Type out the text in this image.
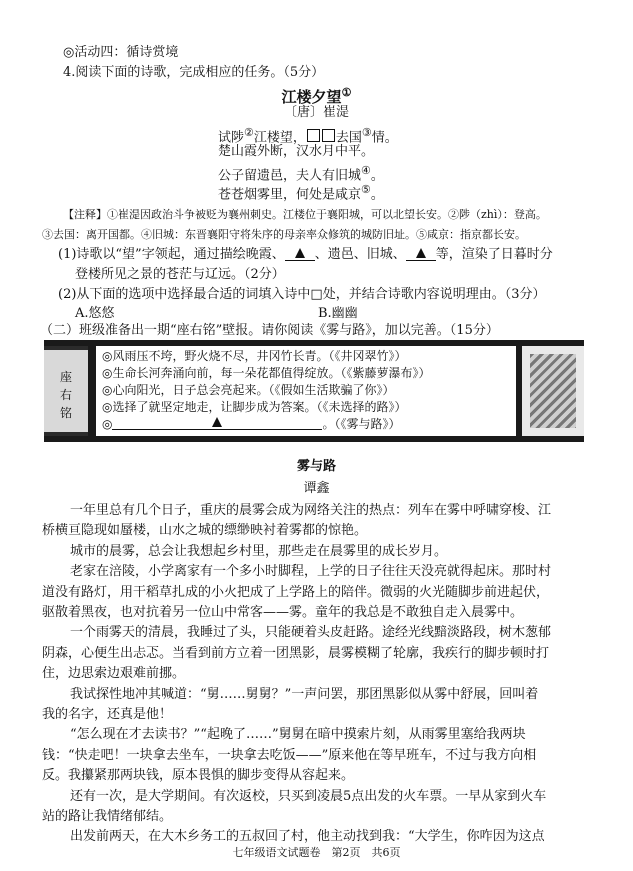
◎活动四：循诗赏境
4.阅读下面的诗歌，完成相应的任务。（5分）
江楼夕望①
〔唐〕崔湜
试陟②江楼望， 去国③情。
楚山霞外断，汉水月中平。
公子留遗邑，夫人有旧城④。
苍苍烟雾里，何处是咸京⑤。
【注释】①崔湜因政治斗争被贬为襄州刺史。江楼位于襄阳城，可以北望长安。②陟（zhì）：登高。
③去国：离开国都。④旧城：东晋襄阳守将朱序的母亲率众修筑的城防旧址。⑤咸京：指京都长安。
(1)诗歌以“望”字领起，通过描绘晚霞、 、遗邑、旧城、 等，渲染了日暮时分
登楼所见之景的苍茫与辽远。（2分）
(2)从下面的选项中选择最合适的词填入诗中□处，并结合诗歌内容说明理由。（3分）
A.悠悠	B.幽幽
（二）班级准备出一期“座右铭”壁报。请你阅读《雾与路》，加以完善。（15分）
座右铭
◎风雨压不垮，野火烧不尽，井冈竹长青。（《井冈翠竹》）
◎生命长河奔涌向前，每一朵花都值得绽放。（《紫藤萝瀑布》）
◎心向阳光，日子总会亮起来。（《假如生活欺骗了你》）
◎选择了就坚定地走，让脚步成为答案。（《未选择的路》）
◎	。（《雾与路》）
雾与路
谭鑫
一年里总有几个日子，重庆的晨雾会成为网络关注的热点：列车在雾中呼啸穿梭、江
桥横亘隐现如蜃楼，山水之城的缥缈映衬着雾都的惊艳。
城市的晨雾，总会让我想起乡村里，那些走在晨雾里的成长岁月。
老家在涪陵，小学离家有一个多小时脚程，上学的日子往往天没亮就得起床。那时村
道没有路灯，用干稻草扎成的小火把成了上学路上的陪伴。微弱的火光随脚步前进起伏，
驱散着黑夜，也对抗着另一位山中常客——雾。童年的我总是不敢独自走入晨雾中。
一个雨雾天的清晨，我睡过了头，只能硬着头皮赶路。途经光线黯淡路段，树木葱郁
阴森，心便生出忐忑。当看到前方立着一团黑影，晨雾模糊了轮廓，我疾行的脚步顿时打
住，边思索边艰难前挪。
我试探性地冲其喊道：“舅……舅舅？”一声问罢，那团黑影似从雾中舒展，回叫着
我的名字，还真是他！
“怎么现在才去读书？”“起晚了……”舅舅在暗中摸索片刻，从雨雾里塞给我两块
钱：“快走吧！一块拿去坐车，一块拿去吃饭——”原来他在等早班车，不过与我方向相
反。我攥紧那两块钱，原本畏惧的脚步变得从容起来。
还有一次，是大学期间。有次返校，只买到凌晨5点出发的火车票。一早从家到火车
站的路让我情绪郁结。
出发前两天，在大木乡务工的五叔回了村，他主动找到我：“大学生，你咋因为这点
七年级语文试题卷　第2页　共6页
